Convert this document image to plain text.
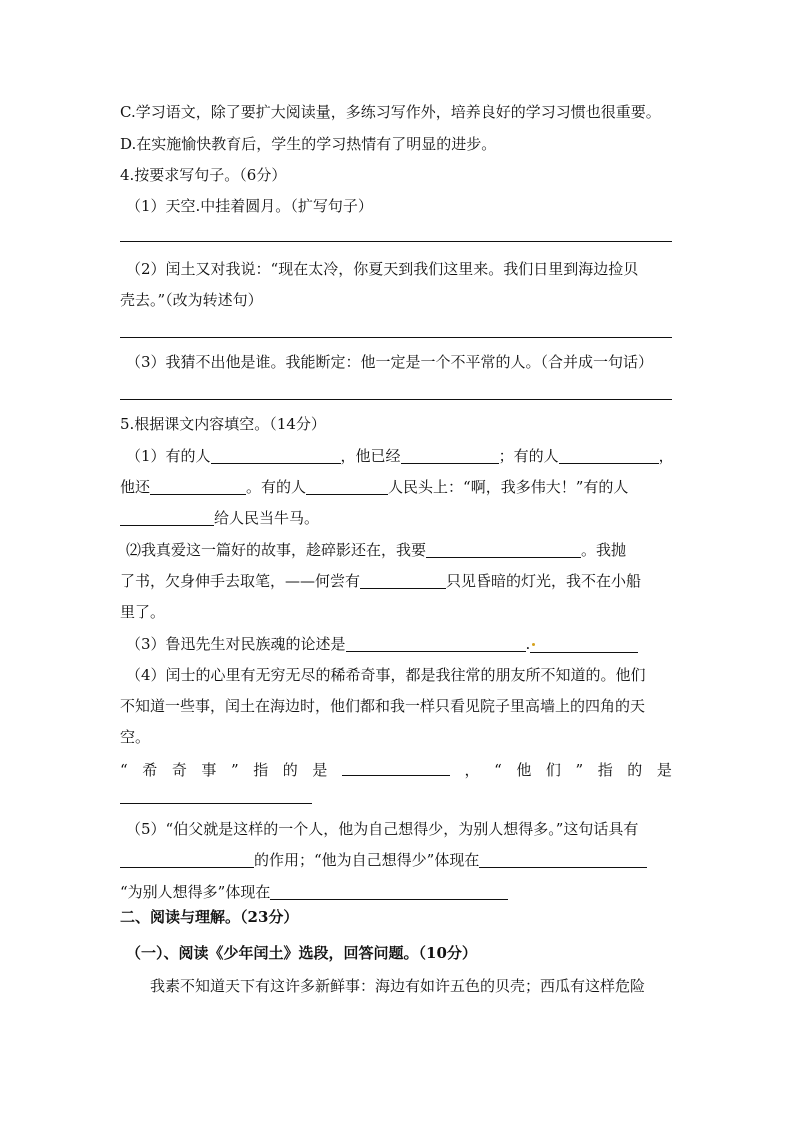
C.学习语文，除了要扩大阅读量，多练习写作外，培养良好的学习习惯也很重要。
D.在实施愉快教育后，学生的学习热情有了明显的进步。
4.按要求写句子。（6分）
（1）天空.中挂着圆月。（扩写句子）
（2）闰土又对我说：“现在太冷，你夏天到我们这里来。我们日里到海边捡贝
壳去。”（改为转述句）
（3）我猜不出他是谁。我能断定：他一定是一个不平常的人。（合并成一句话）
5.根据课文内容填空。（14分）
（1）有的人	，他已经	；有的人	，
他还	。有的人	人民头上：“啊，我多伟大！”有的人
给人民当牛马。
⑵我真爱这一篇好的故事，趁碎影还在，我要	。我抛
了书，欠身伸手去取笔，——何尝有	只见昏暗的灯光，我不在小船
里了。
（3）鲁迅先生对民族魂的论述是	.
（4）闰士的心里有无穷无尽的稀希奇事，都是我往常的朋友所不知道的。他们
不知道一些事，闰土在海边时，他们都和我一样只看见院子里高墙上的四角的天
空。
“ 希 奇 事 ” 指 的 是	， “ 他 们 ” 指 的 是
（5）“伯父就是这样的一个人，他为自己想得少，为别人想得多。”这句话具有
的作用；“他为自己想得少”体现在
“为别人想得多”体现在
二、阅读与理解。（23分）
（一）、阅读《少年闰土》选段，回答问题。（10分）
我素不知道天下有这许多新鲜事：海边有如许五色的贝壳；西瓜有这样危险
